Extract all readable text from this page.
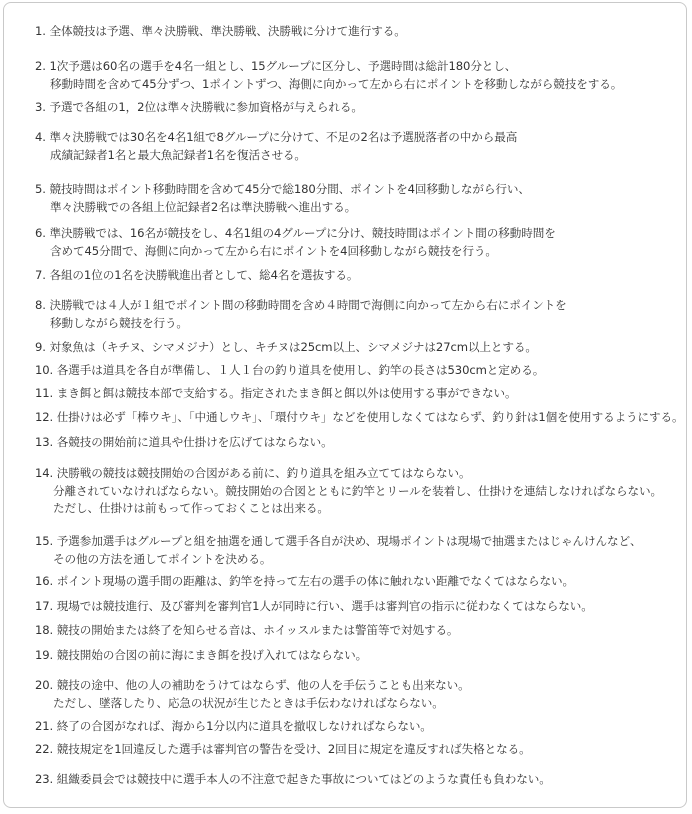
1. 全体競技は予選、準々決勝戦、準決勝戦、決勝戦に分けて進行する。
2. 1次予選は60名の選手を4名一組とし、15グループに区分し、予選時間は総計180分とし、
移動時間を含めて45分ずつ、1ポイントずつ、海側に向かって左から右にポイントを移動しながら競技をする。
3. 予選で各組の1，2位は準々決勝戦に参加資格が与えられる。
4. 準々決勝戦では30名を4名1組で8グループに分けて、不足の2名は予選脱落者の中から最高
成績記録者1名と最大魚記録者1名を復活させる。
5. 競技時間はポイント移動時間を含めて45分で総180分間、ポイントを4回移動しながら行い、
準々決勝戦での各組上位記録者2名は準決勝戦へ進出する。
6. 準決勝戦では、16名が競技をし、4名1組の4グループに分け、競技時間はポイント間の移動時間を
含めて45分間で、海側に向かって左から右にポイントを4回移動しながら競技を行う。
7. 各組の1位の1名を決勝戦進出者として、総4名を選抜する。
8. 決勝戦では４人が１組でポイント間の移動時間を含め４時間で海側に向かって左から右にポイントを
移動しながら競技を行う。
9. 対象魚は（キチヌ、シマメジナ）とし、キチヌは25cm以上、シマメジナは27cm以上とする。
10. 各選手は道具を各自が準備し、１人１台の釣り道具を使用し、釣竿の長さは530cmと定める。
11. まき餌と餌は競技本部で支給する。指定されたまき餌と餌以外は使用する事ができない。
12. 仕掛けは必ず「棒ウキ」、「中通しウキ」、「環付ウキ」などを使用しなくてはならず、釣り針は1個を使用するようにする。
13. 各競技の開始前に道具や仕掛けを広げてはならない。
14. 決勝戦の競技は競技開始の合図がある前に、釣り道具を組み立ててはならない。
分離されていなければならない。競技開始の合図とともに釣竿とリールを装着し、仕掛けを連結しなければならない。
ただし、仕掛けは前もって作っておくことは出来る。
15. 予選参加選手はグループと組を抽選を通して選手各自が決め、現場ポイントは現場で抽選またはじゃんけんなど、
その他の方法を通してポイントを決める。
16. ポイント現場の選手間の距離は、釣竿を持って左右の選手の体に触れない距離でなくてはならない。
17. 現場では競技進行、及び審判を審判官1人が同時に行い、選手は審判官の指示に従わなくてはならない。
18. 競技の開始または終了を知らせる音は、ホイッスルまたは警笛等で対処する。
19. 競技開始の合図の前に海にまき餌を投げ入れてはならない。
20. 競技の途中、他の人の補助をうけてはならず、他の人を手伝うことも出来ない。
ただし、墜落したり、応急の状況が生じたときは手伝わなければならない。
21. 終了の合図がなれば、海から1分以内に道具を撤収しなければならない。
22. 競技規定を1回違反した選手は審判官の警告を受け、2回目に規定を違反すれば失格となる。
23. 組織委員会では競技中に選手本人の不注意で起きた事故についてはどのような責任も負わない。
